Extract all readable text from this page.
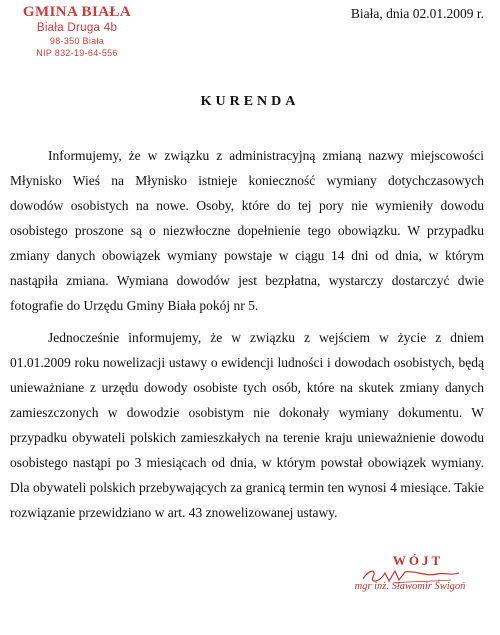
GMINA BIAŁA
Biała Druga 4b
98-350 Biała
NIP 832-19-64-556
Biała, dnia 02.01.2009 r.
KURENDA

Informujemy, że w związku z administracyjną zmianą nazwy miejscowości Młynisko Wieś na Młynisko istnieje konieczność wymiany dotychczasowych dowodów osobistych na nowe. Osoby, które do tej pory nie wymieniły dowodu osobistego proszone są o niezwłoczne dopełnienie tego obowiązku. W przypadku zmiany danych obowiązek wymiany powstaje w ciągu 14 dni od dnia, w którym nastąpiła zmiana. Wymiana dowodów jest bezpłatna, wystarczy dostarczyć dwie fotografie do Urzędu Gminy Biała pokój nr 5.

Jednocześnie informujemy, że w związku z wejściem w życie z dniem 01.01.2009 roku nowelizacji ustawy o ewidencji ludności i dowodach osobistych, będą unieważniane z urzędu dowody osobiste tych osób, które na skutek zmiany danych zamieszczonych w dowodzie osobistym nie dokonały wymiany dokumentu. W przypadku obywateli polskich zamieszkałych na terenie kraju unieważnienie dowodu osobistego nastąpi po 3 miesiącach od dnia, w którym powstał obowiązek wymiany. Dla obywateli polskich przebywających za granicą termin ten wynosi 4 miesiące. Takie rozwiązanie przewidziano w art. 43 znowelizowanej ustawy.

WÓJT
mgr inż. Sławomir Świgoń
